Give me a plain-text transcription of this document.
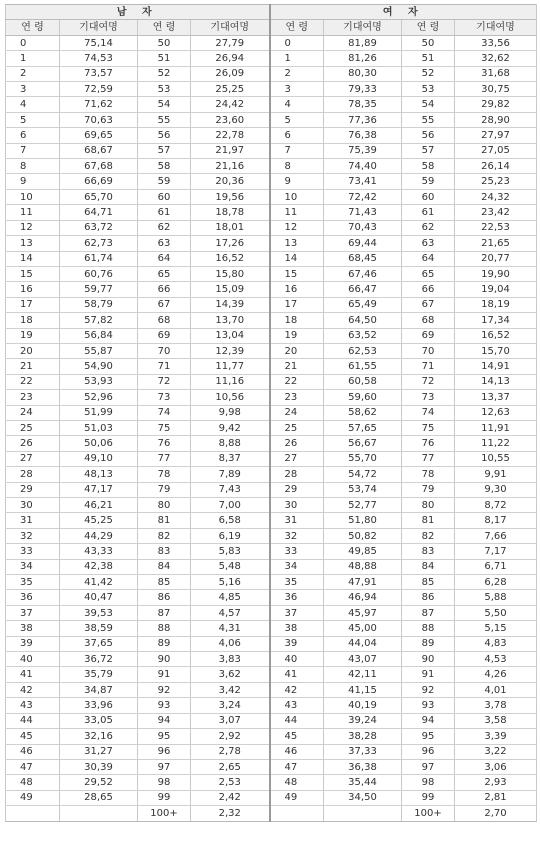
남 자				여 자			
연 령	기대여명	연 령	기대여명	연 령	기대여명	연 령	기대여명
0	75,14	50	27,79	0	81,89	50	33,56
1	74,53	51	26,94	1	81,26	51	32,62
2	73,57	52	26,09	2	80,30	52	31,68
3	72,59	53	25,25	3	79,33	53	30,75
4	71,62	54	24,42	4	78,35	54	29,82
5	70,63	55	23,60	5	77,36	55	28,90
6	69,65	56	22,78	6	76,38	56	27,97
7	68,67	57	21,97	7	75,39	57	27,05
8	67,68	58	21,16	8	74,40	58	26,14
9	66,69	59	20,36	9	73,41	59	25,23
10	65,70	60	19,56	10	72,42	60	24,32
11	64,71	61	18,78	11	71,43	61	23,42
12	63,72	62	18,01	12	70,43	62	22,53
13	62,73	63	17,26	13	69,44	63	21,65
14	61,74	64	16,52	14	68,45	64	20,77
15	60,76	65	15,80	15	67,46	65	19,90
16	59,77	66	15,09	16	66,47	66	19,04
17	58,79	67	14,39	17	65,49	67	18,19
18	57,82	68	13,70	18	64,50	68	17,34
19	56,84	69	13,04	19	63,52	69	16,52
20	55,87	70	12,39	20	62,53	70	15,70
21	54,90	71	11,77	21	61,55	71	14,91
22	53,93	72	11,16	22	60,58	72	14,13
23	52,96	73	10,56	23	59,60	73	13,37
24	51,99	74	9,98	24	58,62	74	12,63
25	51,03	75	9,42	25	57,65	75	11,91
26	50,06	76	8,88	26	56,67	76	11,22
27	49,10	77	8,37	27	55,70	77	10,55
28	48,13	78	7,89	28	54,72	78	9,91
29	47,17	79	7,43	29	53,74	79	9,30
30	46,21	80	7,00	30	52,77	80	8,72
31	45,25	81	6,58	31	51,80	81	8,17
32	44,29	82	6,19	32	50,82	82	7,66
33	43,33	83	5,83	33	49,85	83	7,17
34	42,38	84	5,48	34	48,88	84	6,71
35	41,42	85	5,16	35	47,91	85	6,28
36	40,47	86	4,85	36	46,94	86	5,88
37	39,53	87	4,57	37	45,97	87	5,50
38	38,59	88	4,31	38	45,00	88	5,15
39	37,65	89	4,06	39	44,04	89	4,83
40	36,72	90	3,83	40	43,07	90	4,53
41	35,79	91	3,62	41	42,11	91	4,26
42	34,87	92	3,42	42	41,15	92	4,01
43	33,96	93	3,24	43	40,19	93	3,78
44	33,05	94	3,07	44	39,24	94	3,58
45	32,16	95	2,92	45	38,28	95	3,39
46	31,27	96	2,78	46	37,33	96	3,22
47	30,39	97	2,65	47	36,38	97	3,06
48	29,52	98	2,53	48	35,44	98	2,93
49	28,65	99	2,42	49	34,50	99	2,81
		100+	2,32			100+	2,70
